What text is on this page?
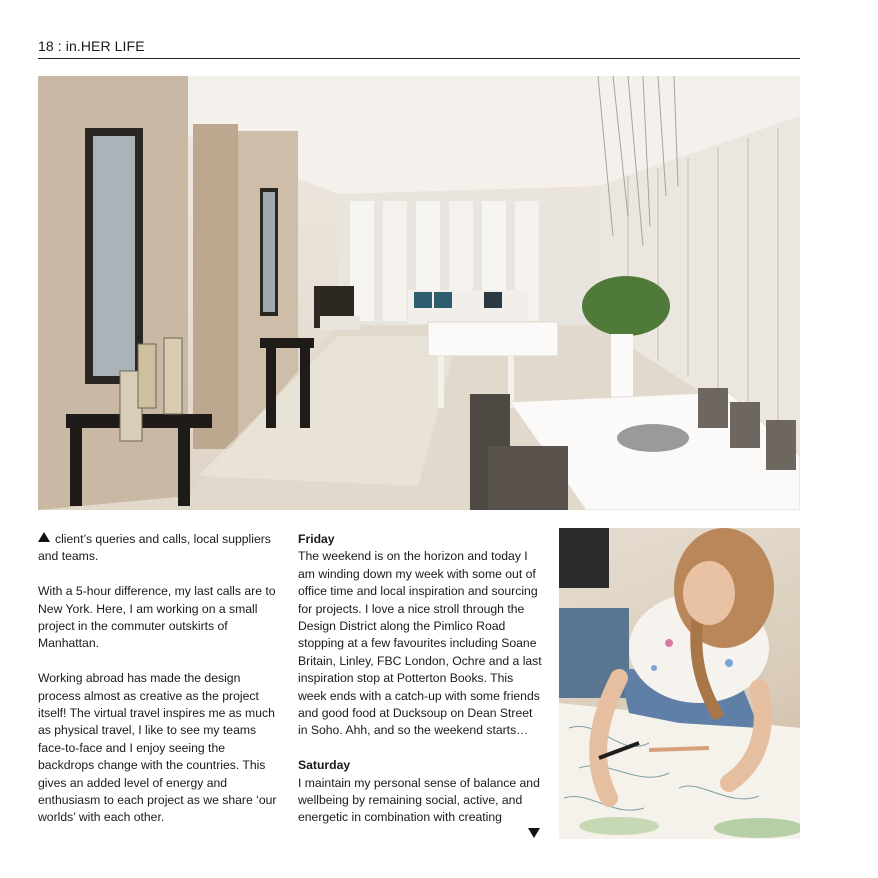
18 : in.HER LIFE

client’s queries and calls, local suppliers and teams.

With a 5-hour difference, my last calls are to New York. Here, I am working on a small project in the commuter outskirts of Manhattan.

Working abroad has made the design process almost as creative as the project itself! The virtual travel inspires me as much as physical travel, I like to see my teams face-to-face and I enjoy seeing the backdrops change with the countries. This gives an added level of energy and enthusiasm to each project as we share ‘our worlds’ with each other.

Friday
The weekend is on the horizon and today I am winding down my week with some out of office time and local inspiration and sourcing for projects. I love a nice stroll through the Design District along the Pimlico Road stopping at a few favourites including Soane Britain, Linley, FBC London, Ochre and a last inspiration stop at Potterton Books. This week ends with a catch-up with some friends and good food at Ducksoup on Dean Street in Soho. Ahh, and so the weekend starts…

Saturday
I maintain my personal sense of balance and wellbeing by remaining social, active, and energetic in combination with creating
